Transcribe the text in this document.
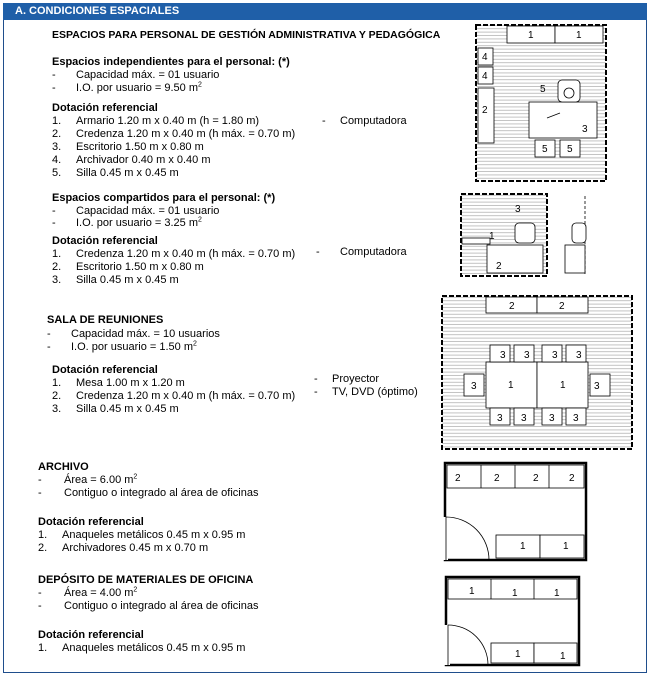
A. CONDICIONES ESPACIALES
ESPACIOS PARA PERSONAL DE GESTIÓN ADMINISTRATIVA Y PEDAGÓGICA
Espacios independientes para el personal: (*)
- Capacidad máx. = 01 usuario
- I.O. por usuario = 9.50 $m^2$
Dotación referencial
1. Armario 1.20 m x 0.40 m (h = 1.80 m)
2. Credenza 1.20 m x 0.40 m (h máx. = 0.70 m)
3. Escritorio 1.50 m x 0.80 m
4. Archivador 0.40 m x 0.40 m
5. Silla 0.45 m x 0.45 m
- Computadora
Espacios compartidos para el personal: (*)
- Capacidad máx. = 01 usuario
- I.O. por usuario = 3.25 $m^2$
Dotación referencial
1. Credenza 1.20 m x 0.40 m (h máx. = 0.70 m)
2. Escritorio 1.50 m x 0.80 m
3. Silla 0.45 m x 0.45 m
- Computadora
SALA DE REUNIONES
- Capacidad máx. = 10 usuarios
- I.O. por usuario = 1.50 $m^2$
Dotación referencial
1. Mesa 1.00 m x 1.20 m
2. Credenza 1.20 m x 0.40 m (h máx. = 0.70 m)
3. Silla 0.45 m x 0.45 m
- Proyector
- TV, DVD (óptimo)
ARCHIVO
- Área = 6.00 $m^2$
- Contiguo o integrado al área de oficinas
Dotación referencial
1. Anaqueles metálicos 0.45 m x 0.95 m
2. Archivadores 0.45 m x 0.70 m
DEPÓSITO DE MATERIALES DE OFICINA
- Área = 4.00 $m^2$
- Contiguo o integrado al área de oficinas
Dotación referencial
1. Anaqueles metálicos 0.45 m x 0.95 m
1	1
4
4
2
3
5
5 5
1
2
3
2	2
1	1
3 3 3 3
3 3 3 3
3	3
2	2	2	2
1	1
1	1	1
1	1
